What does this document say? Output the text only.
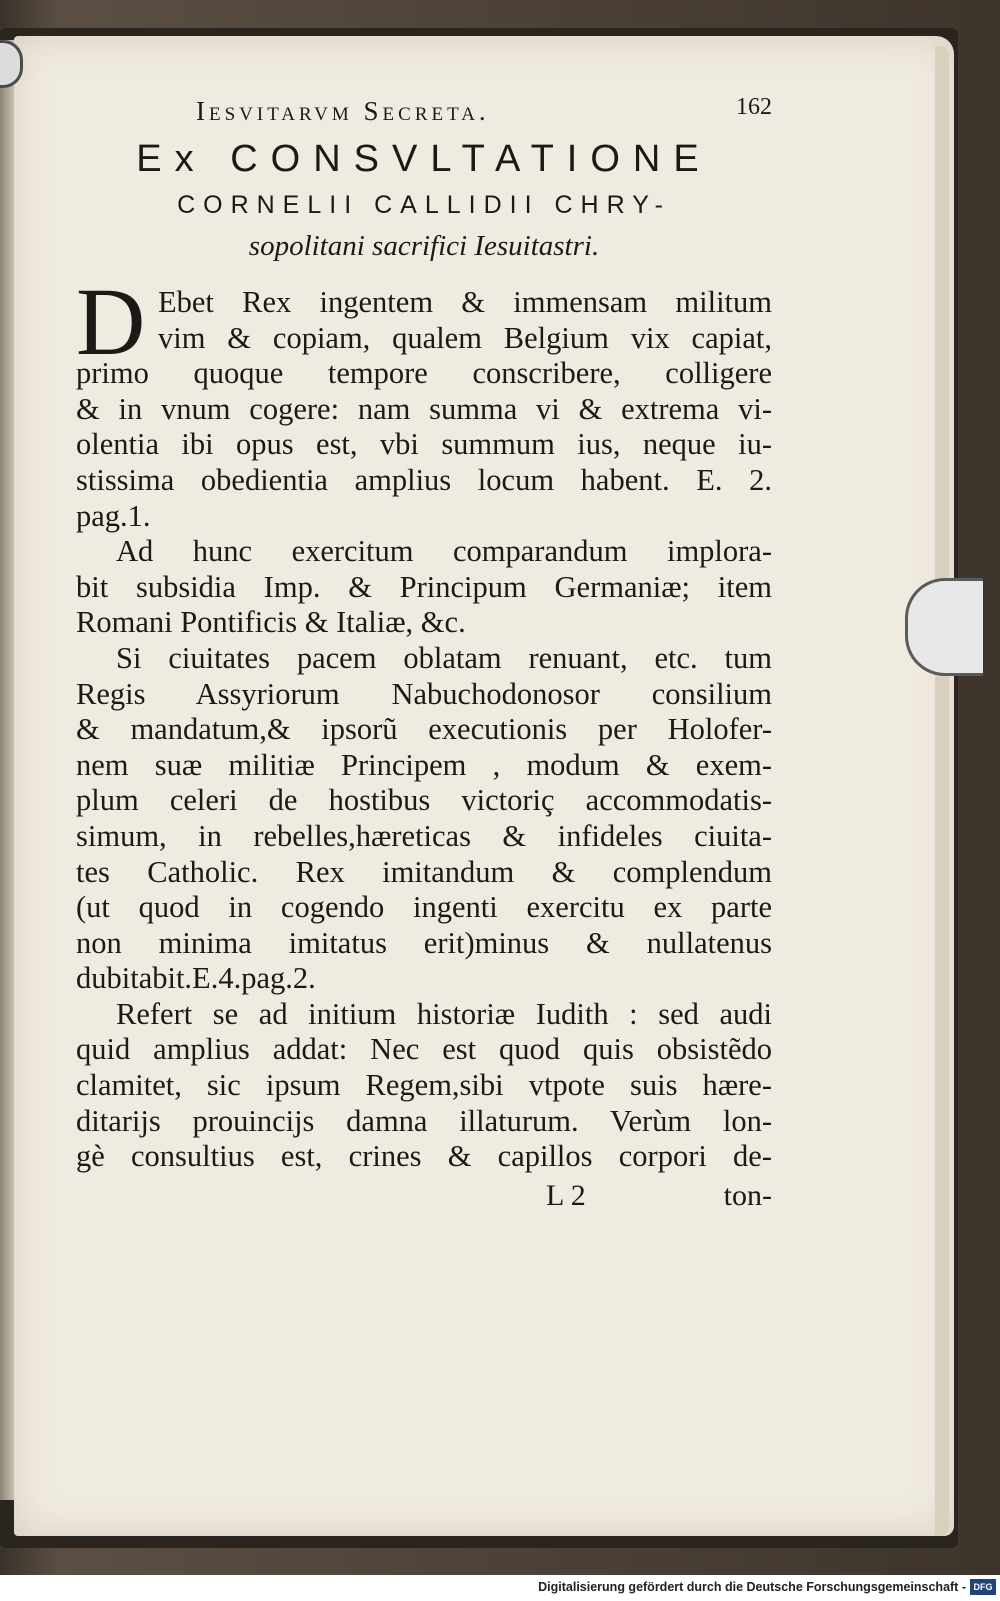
Iesvitarvm Secreta.	162
Ex CONSVLTATIONE
CORNELII CALLIDII CHRY-
sopolitani sacrifici Iesuitastri.
D Ebet Rex ingentem & immensam militum
vim & copiam, qualem Belgium vix capiat,
primo quoque tempore conscribere, colligere
& in vnum cogere: nam summa vi & extrema vi-
olentia ibi opus est, vbi summum ius, neque iu-
stissima obedientia amplius locum habent. E. 2.
pag.1.
Ad hunc exercitum comparandum implora-
bit subsidia Imp. & Principum Germaniæ; item
Romani Pontificis & Italiæ, &c.
Si ciuitates pacem oblatam renuant, etc. tum
Regis Assyriorum Nabuchodonosor consilium
& mandatum,& ipsorũ executionis per Holofer-
nem suæ militiæ Principem , modum & exem-
plum celeri de hostibus victoriç accommodatis-
simum, in rebelles,hæreticas & infideles ciuita-
tes Catholic. Rex imitandum & complendum
(ut quod in cogendo ingenti exercitu ex parte
non minima imitatus erit)minus & nullatenus
dubitabit.E.4.pag.2.
Refert se ad initium historiæ Iudith : sed audi
quid amplius addat: Nec est quod quis obsistẽdo
clamitet, sic ipsum Regem,sibi vtpote suis hære-
ditarijs prouincijs damna illaturum. Verùm lon-
gè consultius est, crines & capillos corpori de-
L 2	ton-
Digitalisierung gefördert durch die Deutsche Forschungsgemeinschaft - DFG
